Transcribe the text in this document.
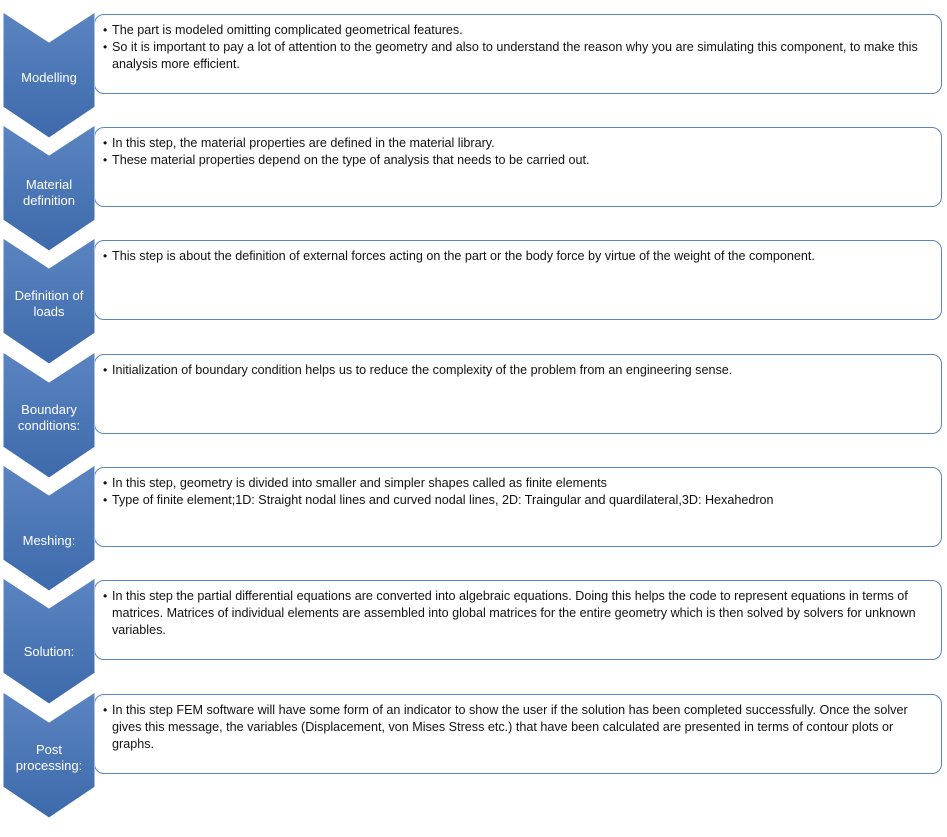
• The part is modeled omitting complicated geometrical features.
• So it is important to pay a lot of attention to the geometry and also to understand the reason why you are simulating this component, to make this analysis more efficient.
Modelling
• In this step, the material properties are defined in the material library.
• These material properties depend on the type of analysis that needs to be carried out.
Material definition
• This step is about the definition of external forces acting on the part or the body force by virtue of the weight of the component.
Definition of loads
• Initialization of boundary condition helps us to reduce the complexity of the problem from an engineering sense.
Boundary conditions:
• In this step, geometry is divided into smaller and simpler shapes called as finite elements
• Type of finite element;1D: Straight nodal lines and curved nodal lines, 2D: Traingular and quardilateral,3D: Hexahedron
Meshing:
• In this step the partial differential equations are converted into algebraic equations. Doing this helps the code to represent equations in terms of matrices. Matrices of individual elements are assembled into global matrices for the entire geometry which is then solved by solvers for unknown variables.
Solution:
• In this step FEM software will have some form of an indicator to show the user if the solution has been completed successfully. Once the solver gives this message, the variables (Displacement, von Mises Stress etc.) that have been calculated are presented in terms of contour plots or graphs.
Post processing:
